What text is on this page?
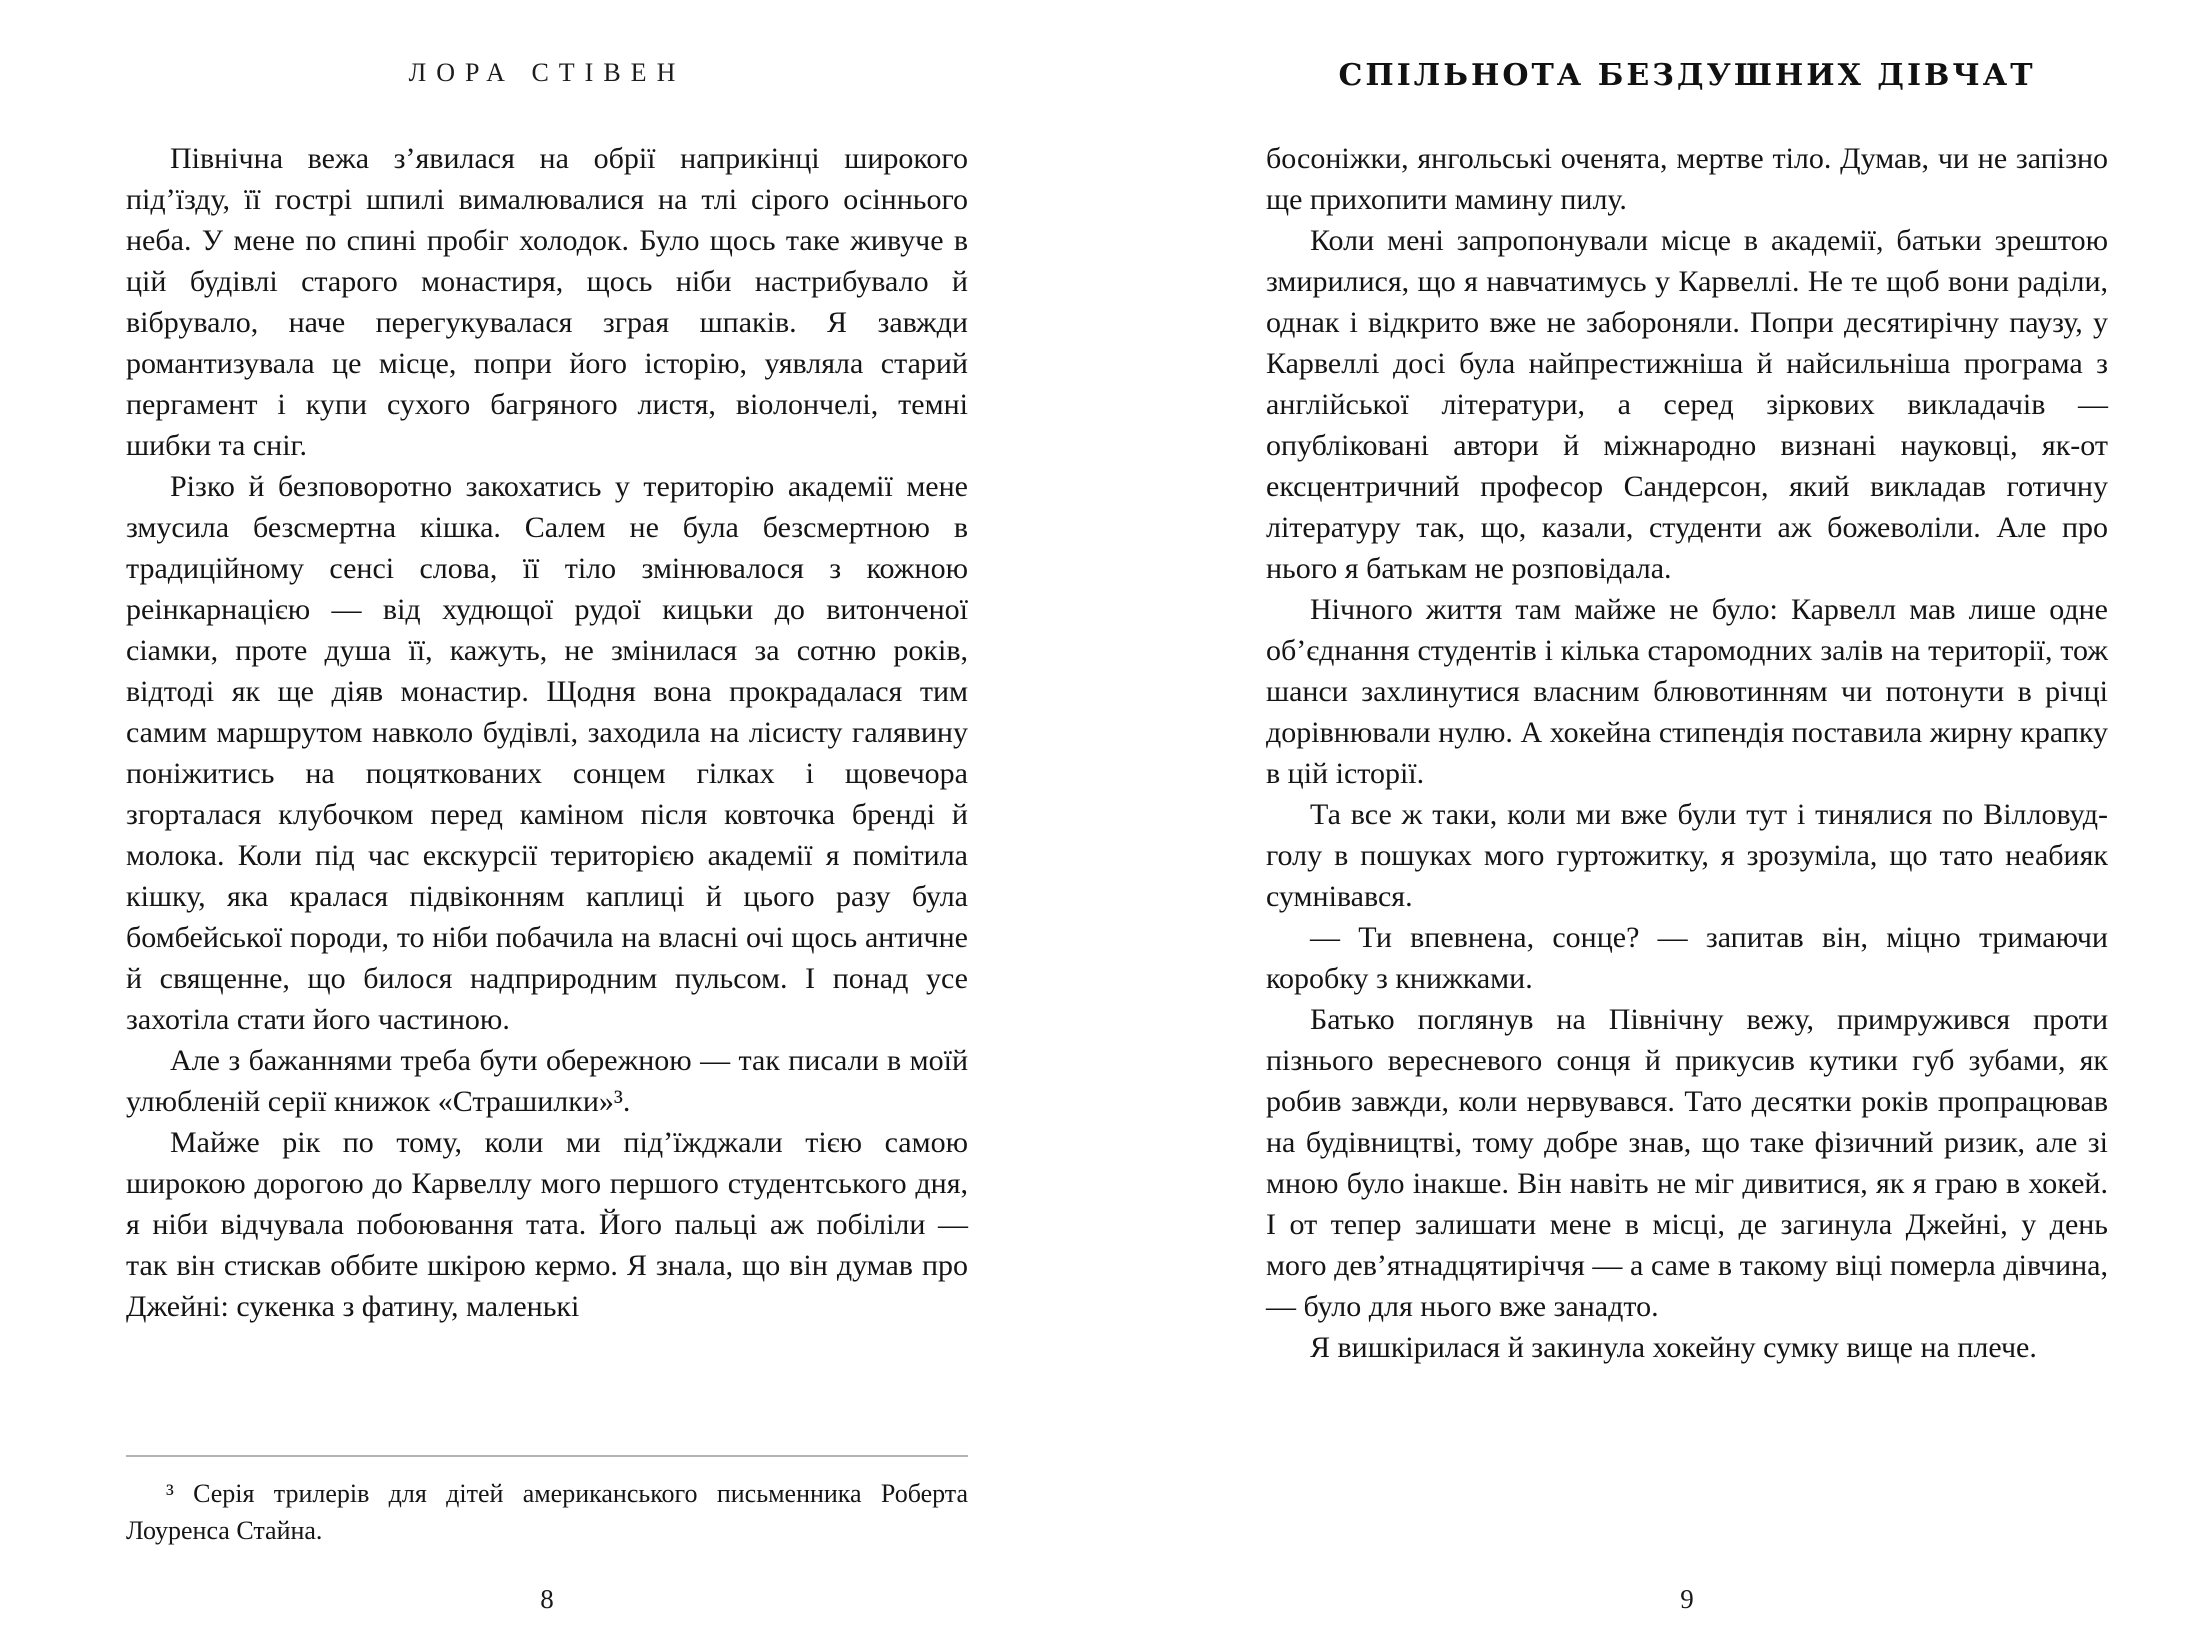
ЛОРА СТІВЕН

Північна вежа з’явилася на обрії наприкінці широкого під’їзду, її гострі шпилі вималювалися на тлі сірого осіннього неба. У мене по спині пробіг холодок. Було щось таке живуче в цій будівлі старого монастиря, щось ніби настрибувало й вібрувало, наче перегукувалася зграя шпаків. Я завжди романтизувала це місце, попри його історію, уявляла старий пергамент і купи сухого багряного листя, віолончелі, темні шибки та сніг.

Різко й безповоротно закохатись у територію академії мене змусила безсмертна кішка. Салем не була безсмертною в традиційному сенсі слова, її тіло змінювалося з кожною реінкарнацією — від худющої рудої кицьки до витонченої сіамки, проте душа її, кажуть, не змінилася за сотню років, відтоді як ще діяв монастир. Щодня вона прокрадалася тим самим маршрутом навколо будівлі, заходила на лісисту галявину поніжитись на поцяткованих сонцем гілках і щовечора згорталася клубочком перед каміном після ковточка бренді й молока. Коли під час екскурсії територією академії я помітила кішку, яка кралася підвіконням каплиці й цього разу була бомбейської породи, то ніби побачила на власні очі щось античне й священне, що билося надприродним пульсом. І понад усе захотіла стати його частиною.

Але з бажаннями треба бути обережною — так писали в моїй улюбленій серії книжок «Страшилки»³.

Майже рік по тому, коли ми під’їжджали тією самою широкою дорогою до Карвеллу мого першого студентського дня, я ніби відчувала побоювання тата. Його пальці аж побіліли — так він стискав оббите шкірою кермо. Я знала, що він думав про Джейні: сукенка з фатину, маленькі

³ Серія трилерів для дітей американського письменника Роберта Лоуренса Стайна.

8
СПІЛЬНОТА БЕЗДУШНИХ ДІВЧАТ

босоніжки, янгольські оченята, мертве тіло. Думав, чи не запізно ще прихопити мамину пилу.

Коли мені запропонували місце в академії, батьки зрештою змирилися, що я навчатимусь у Карвеллі. Не те щоб вони раділи, однак і відкрито вже не забороняли. Попри десятирічну паузу, у Карвеллі досі була найпрестижніша й найсильніша програма з англійської літератури, а серед зіркових викладачів — опубліковані автори й міжнародно визнані науковці, як-от ексцентричний професор Сандерсон, який викладав готичну літературу так, що, казали, студенти аж божеволіли. Але про нього я батькам не розповідала.

Нічного життя там майже не було: Карвелл мав лише одне об’єднання студентів і кілька старомодних залів на території, тож шанси захлинутися власним блювотинням чи потонути в річці дорівнювали нулю. А хокейна стипендія поставила жирну крапку в цій історії.

Та все ж таки, коли ми вже були тут і тинялися по Вілловуд-голу в пошуках мого гуртожитку, я зрозуміла, що тато неабияк сумнівався.

— Ти впевнена, сонце? — запитав він, міцно тримаючи коробку з книжками.

Батько поглянув на Північну вежу, примружився проти пізнього вересневого сонця й прикусив кутики губ зубами, як робив завжди, коли нервувався. Тато десятки років пропрацював на будівництві, тому добре знав, що таке фізичний ризик, але зі мною було інакше. Він навіть не міг дивитися, як я граю в хокей. І от тепер залишати мене в місці, де загинула Джейні, у день мого дев’ятнадцятиріччя — а саме в такому віці померла дівчина, — було для нього вже занадто.

Я вишкірилася й закинула хокейну сумку вище на плече.

9
